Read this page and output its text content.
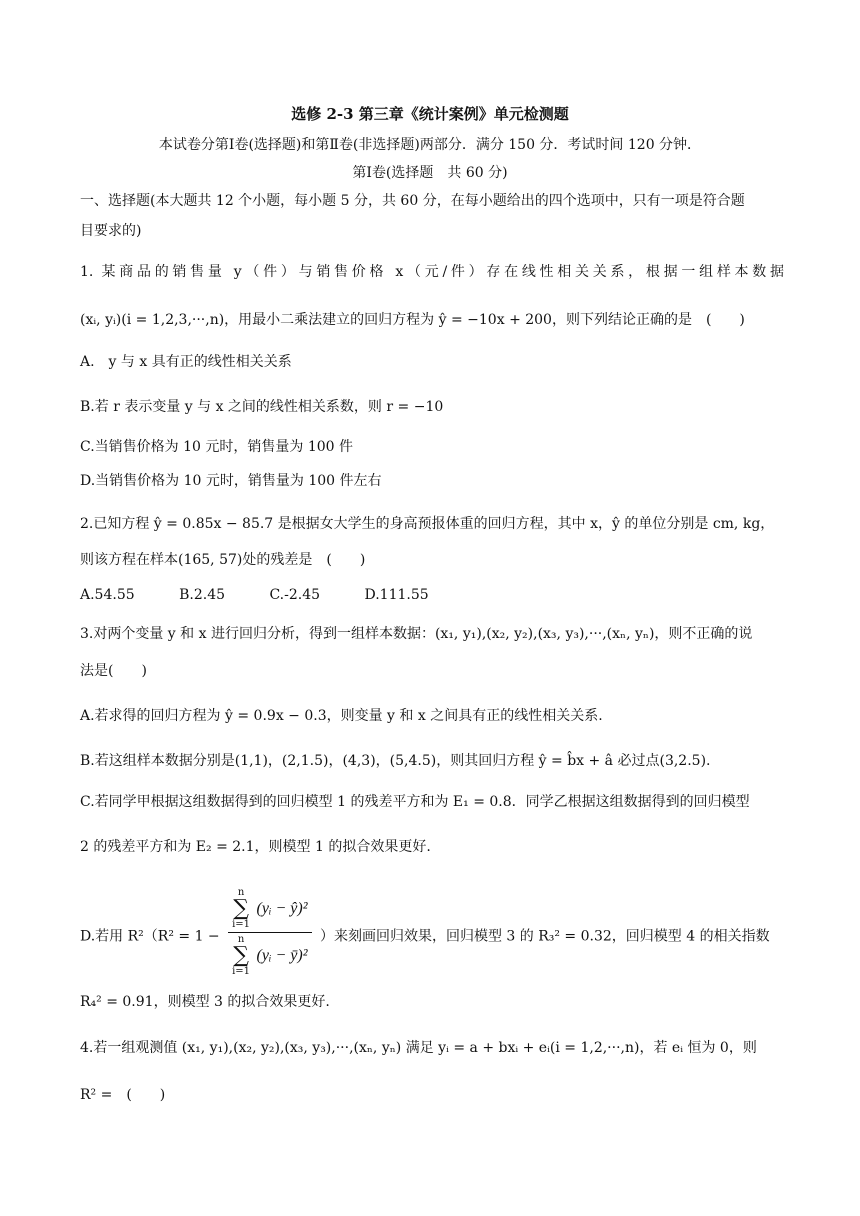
选修 2-3 第三章《统计案例》单元检测题
本试卷分第Ⅰ卷(选择题)和第Ⅱ卷(非选择题)两部分．满分 150 分．考试时间 120 分钟．
第Ⅰ卷(选择题　共 60 分)
一、选择题(本大题共 12 个小题，每小题 5 分，共 60 分，在每小题给出的四个选项中，只有一项是符合题
目要求的)
1. 某商品的销售量 y（件）与销售价格 x（元/件）存在线性相关关系，根据一组样本数据
(xᵢ, yᵢ)(i = 1,2,3,···,n)，用最小二乘法建立的回归方程为 ŷ = −10x + 200，则下列结论正确的是　(　　)
A.　y 与 x 具有正的线性相关关系
B.若 r 表示变量 y 与 x 之间的线性相关系数，则 r = −10
C.当销售价格为 10 元时，销售量为 100 件
D.当销售价格为 10 元时，销售量为 100 件左右
2.已知方程 ŷ = 0.85x − 85.7 是根据女大学生的身高预报体重的回归方程，其中 x，ŷ 的单位分别是 cm, kg，
则该方程在样本(165, 57)处的残差是　(　　)
A.54.55	B.2.45	C.-2.45	D.111.55
3.对两个变量 y 和 x 进行回归分析，得到一组样本数据：(x₁, y₁),(x₂, y₂),(x₃, y₃),···,(xₙ, yₙ)，则不正确的说
法是(　　)
A.若求得的回归方程为 ŷ = 0.9x − 0.3，则变量 y 和 x 之间具有正的线性相关关系.
B.若这组样本数据分别是(1,1)，(2,1.5)，(4,3)，(5,4.5)，则其回归方程 ŷ = b̂x + â 必过点(3,2.5).
C.若同学甲根据这组数据得到的回归模型 1 的残差平方和为 E₁ = 0.8．同学乙根据这组数据得到的回归模型
2 的残差平方和为 E₂ = 2.1，则模型 1 的拟合效果更好.
D.若用 R²（R² = 1 − n
∑
i=1 (yᵢ − ŷ)²
n
∑
i=1 (yᵢ − ȳ)² ）来刻画回归效果，回归模型 3 的 R₃² = 0.32，回归模型 4 的相关指数
R₄² = 0.91，则模型 3 的拟合效果更好.
4.若一组观测值 (x₁, y₁),(x₂, y₂),(x₃, y₃),···,(xₙ, yₙ) 满足 yᵢ = a + bxᵢ + eᵢ(i = 1,2,···,n)，若 eᵢ 恒为 0，则
R² =　(　　)
